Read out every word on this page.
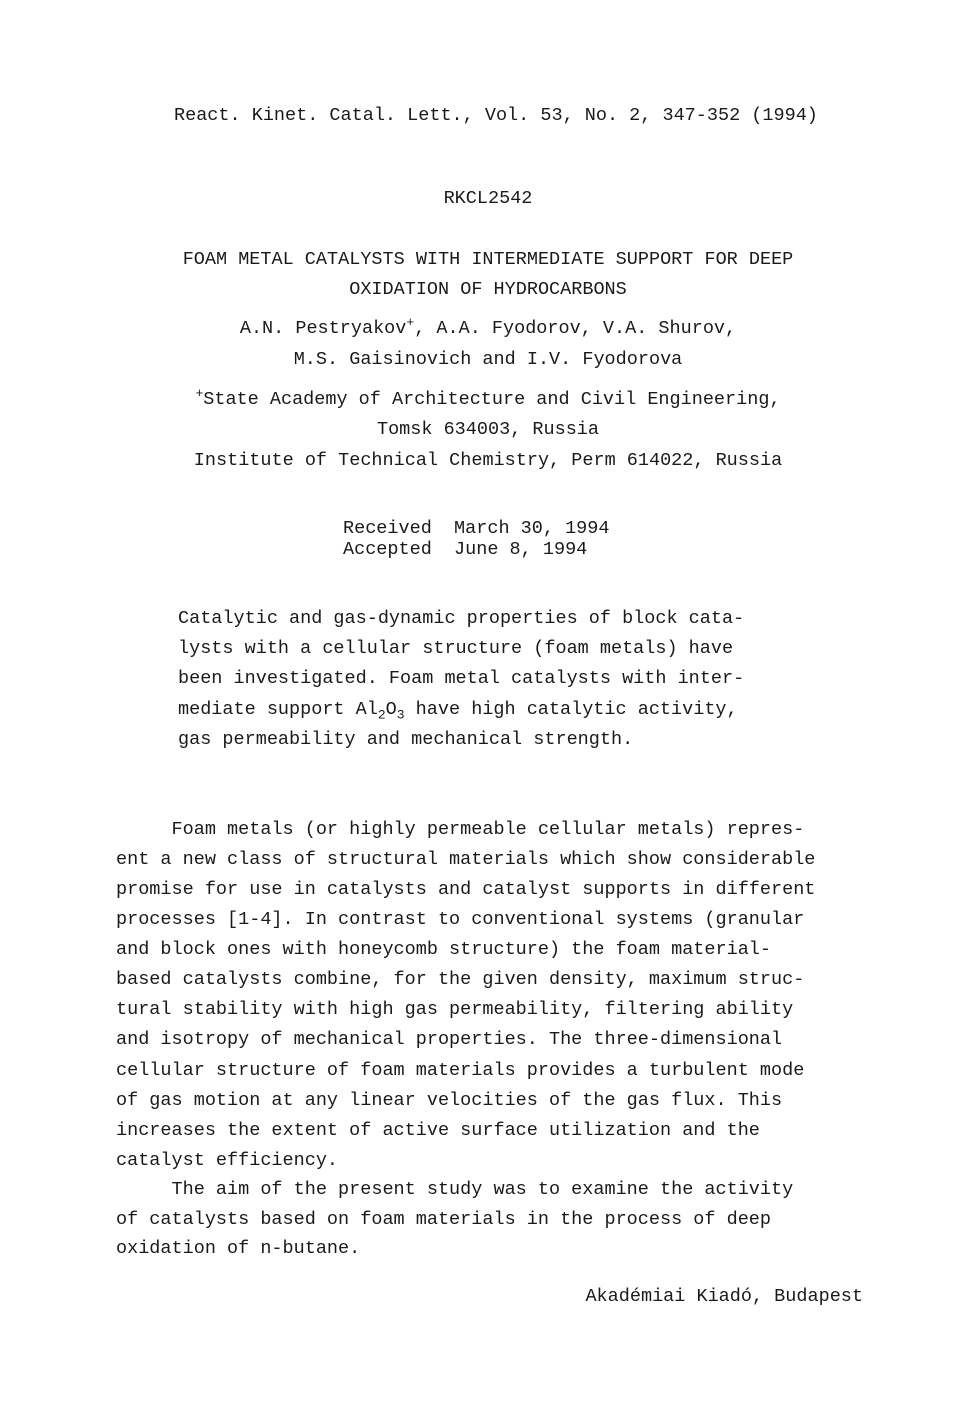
React. Kinet. Catal. Lett., Vol. 53, No. 2, 347-352 (1994)
RKCL2542
FOAM METAL CATALYSTS WITH INTERMEDIATE SUPPORT FOR DEEP
OXIDATION OF HYDROCARBONS
A.N. Pestryakov+, A.A. Fyodorov, V.A. Shurov,
M.S. Gaisinovich and I.V. Fyodorova
+State Academy of Architecture and Civil Engineering,
Tomsk 634003, Russia
Institute of Technical Chemistry, Perm 614022, Russia
Received March 30, 1994
Accepted June 8, 1994
Catalytic and gas-dynamic properties of block cata-
lysts with a cellular structure (foam metals) have
been investigated. Foam metal catalysts with inter-
mediate support $Al_2O_3$ have high catalytic activity,
gas permeability and mechanical strength.
Foam metals (or highly permeable cellular metals) repres-
ent a new class of structural materials which show considerable
promise for use in catalysts and catalyst supports in different
processes [1-4]. In contrast to conventional systems (granular
and block ones with honeycomb structure) the foam material-
based catalysts combine, for the given density, maximum struc-
tural stability with high gas permeability, filtering ability
and isotropy of mechanical properties. The three-dimensional
cellular structure of foam materials provides a turbulent mode
of gas motion at any linear velocities of the gas flux. This
increases the extent of active surface utilization and the
catalyst efficiency.
The aim of the present study was to examine the activity
of catalysts based on foam materials in the process of deep
oxidation of n-butane.
Akadémiai Kiadó, Budapest
